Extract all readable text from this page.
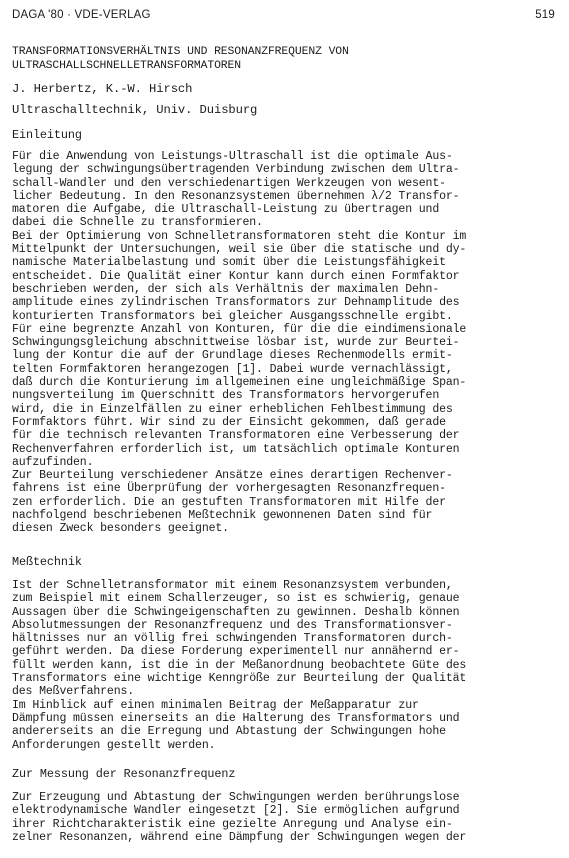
DAGA '80 · VDE-VERLAG	519
TRANSFORMATIONSVERHÄLTNIS UND RESONANZFREQUENZ VON
ULTRASCHALLSCHNELLETRANSFORMATOREN
J. Herbertz, K.-W. Hirsch
Ultraschalltechnik, Univ. Duisburg
Einleitung

Für die Anwendung von Leistungs-Ultraschall ist die optimale Aus-
legung der schwingungsübertragenden Verbindung zwischen dem Ultra-
schall-Wandler und den verschiedenartigen Werkzeugen von wesent-
licher Bedeutung. In den Resonanzsystemen übernehmen λ/2 Transfor-
matoren die Aufgabe, die Ultraschall-Leistung zu übertragen und
dabei die Schnelle zu transformieren.

Bei der Optimierung von Schnelletransformatoren steht die Kontur im
Mittelpunkt der Untersuchungen, weil sie über die statische und dy-
namische Materialbelastung und somit über die Leistungsfähigkeit
entscheidet. Die Qualität einer Kontur kann durch einen Formfaktor
beschrieben werden, der sich als Verhältnis der maximalen Dehn-
amplitude eines zylindrischen Transformators zur Dehnamplitude des
konturierten Transformators bei gleicher Ausgangsschnelle ergibt.

Für eine begrenzte Anzahl von Konturen, für die die eindimensionale
Schwingungsgleichung abschnittweise lösbar ist, wurde zur Beurtei-
lung der Kontur die auf der Grundlage dieses Rechenmodells ermit-
telten Formfaktoren herangezogen [1]. Dabei wurde vernachlässigt,
daß durch die Konturierung im allgemeinen eine ungleichmäßige Span-
nungsverteilung im Querschnitt des Transformators hervorgerufen
wird, die in Einzelfällen zu einer erheblichen Fehlbestimmung des
Formfaktors führt. Wir sind zu der Einsicht gekommen, daß gerade
für die technisch relevanten Transformatoren eine Verbesserung der
Rechenverfahren erforderlich ist, um tatsächlich optimale Konturen
aufzufinden.

Zur Beurteilung verschiedener Ansätze eines derartigen Rechenver-
fahrens ist eine Überprüfung der vorhergesagten Resonanzfrequen-
zen erforderlich. Die an gestuften Transformatoren mit Hilfe der
nachfolgend beschriebenen Meßtechnik gewonnenen Daten sind für
diesen Zweck besonders geeignet.

Meßtechnik

Ist der Schnelletransformator mit einem Resonanzsystem verbunden,
zum Beispiel mit einem Schallerzeuger, so ist es schwierig, genaue
Aussagen über die Schwingeigenschaften zu gewinnen. Deshalb können
Absolutmessungen der Resonanzfrequenz und des Transformationsver-
hältnisses nur an völlig frei schwingenden Transformatoren durch-
geführt werden. Da diese Forderung experimentell nur annähernd er-
füllt werden kann, ist die in der Meßanordnung beobachtete Güte des
Transformators eine wichtige Kenngröße zur Beurteilung der Qualität
des Meßverfahrens.

Im Hinblick auf einen minimalen Beitrag der Meßapparatur zur
Dämpfung müssen einerseits an die Halterung des Transformators und
andererseits an die Erregung und Abtastung der Schwingungen hohe
Anforderungen gestellt werden.

Zur Messung der Resonanzfrequenz

Zur Erzeugung und Abtastung der Schwingungen werden berührungslose
elektrodynamische Wandler eingesetzt [2]. Sie ermöglichen aufgrund
ihrer Richtcharakteristik eine gezielte Anregung und Analyse ein-
zelner Resonanzen, während eine Dämpfung der Schwingungen wegen der
